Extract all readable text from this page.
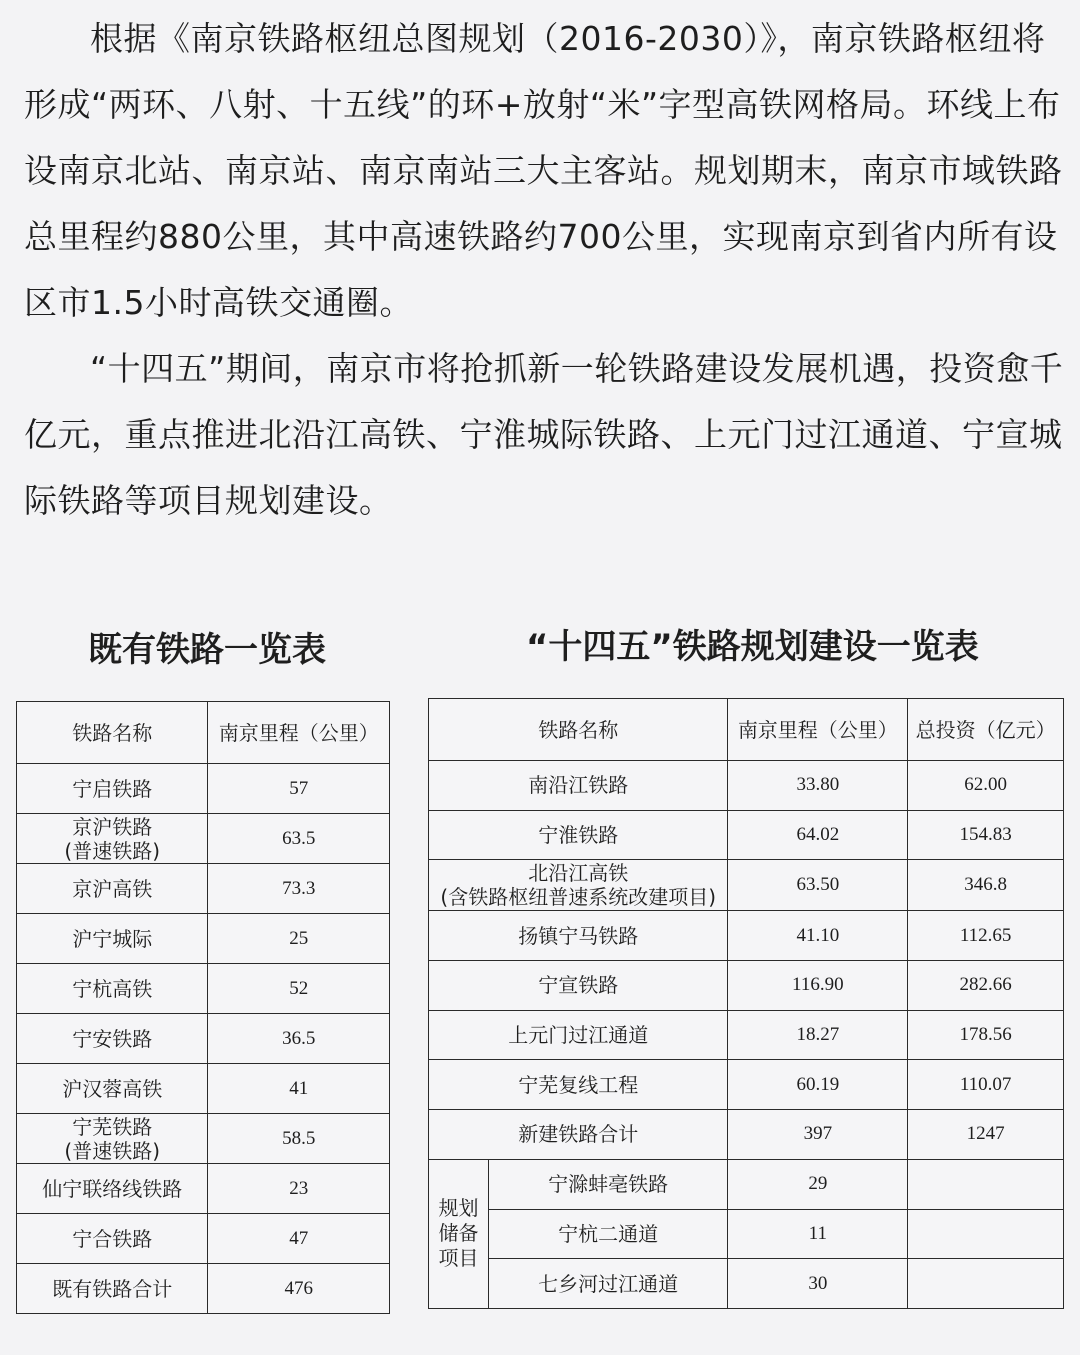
根据《南京铁路枢纽总图规划（2016-2030）》，南京铁路枢纽将形成“两环、八射、十五线”的环+放射“米”字型高铁网格局。环线上布设南京北站、南京站、南京南站三大主客站。规划期末，南京市域铁路总里程约880公里，其中高速铁路约700公里，实现南京到省内所有设区市1.5小时高铁交通圈。

“十四五”期间，南京市将抢抓新一轮铁路建设发展机遇，投资愈千亿元，重点推进北沿江高铁、宁淮城际铁路、上元门过江通道、宁宣城际铁路等项目规划建设。

既有铁路一览表	“十四五”铁路规划建设一览表
铁路名称	南京里程（公里）

宁启铁路	57

京沪铁路
(普速铁路)	63.5

京沪高铁	73.3

沪宁城际	25

宁杭高铁	52

宁安铁路	36.5

沪汉蓉高铁	41

宁芜铁路
(普速铁路)	58.5

仙宁联络线铁路	23

宁合铁路	47

既有铁路合计	476
铁路名称		南京里程（公里）	总投资（亿元）

南沿江铁路		33.80	62.00

宁淮铁路		64.02	154.83

北沿江高铁
(含铁路枢纽普速系统改建项目)		63.50	346.8

扬镇宁马铁路		41.10	112.65

宁宣铁路		116.90	282.66

上元门过江通道		18.27	178.56

宁芜复线工程		60.19	110.07

新建铁路合计		397	1247

规划
储备
项目	宁滁蚌亳铁路	29	
	宁杭二通道	11	
	七乡河过江通道	30	
